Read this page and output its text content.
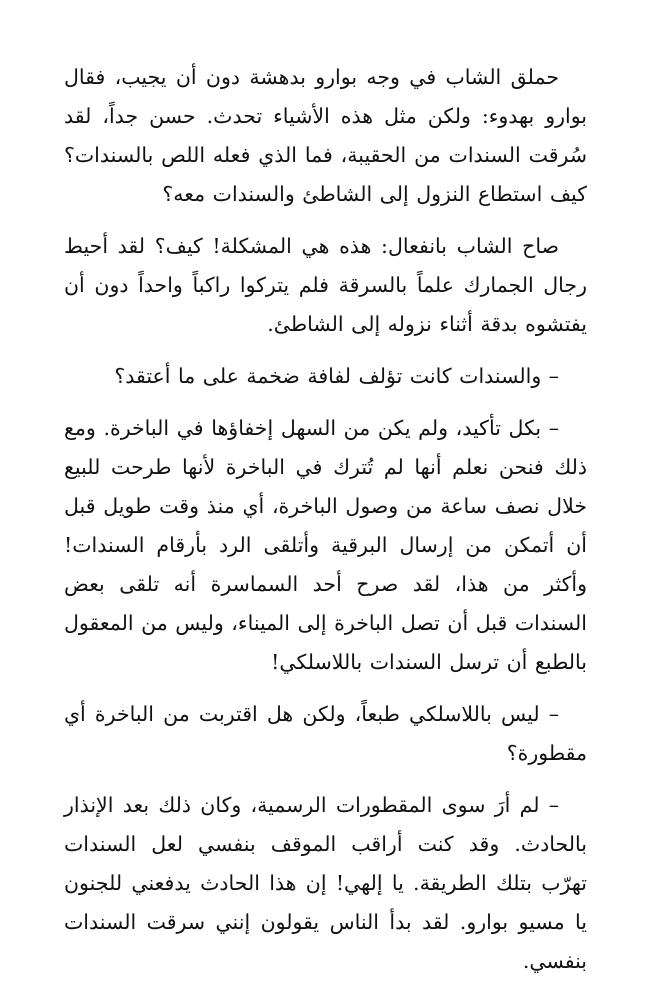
حملق الشاب في وجه بوارو بدهشة دون أن يجيب، فقال بوارو بهدوء: ولكن مثل هذه الأشياء تحدث. حسن جداً، لقد سُرقت السندات من الحقيبة، فما الذي فعله اللص بالسندات؟ كيف استطاع النزول إلى الشاطئ والسندات معه؟

صاح الشاب بانفعال: هذه هي المشكلة! كيف؟ لقد أحيط رجال الجمارك علماً بالسرقة فلم يتركوا راكباً واحداً دون أن يفتشوه بدقة أثناء نزوله إلى الشاطئ.

– والسندات كانت تؤلف لفافة ضخمة على ما أعتقد؟

– بكل تأكيد، ولم يكن من السهل إخفاؤها في الباخرة. ومع ذلك فنحن نعلم أنها لم تُترك في الباخرة لأنها طرحت للبيع خلال نصف ساعة من وصول الباخرة، أي منذ وقت طويل قبل أن أتمكن من إرسال البرقية وأتلقى الرد بأرقام السندات! وأكثر من هذا، لقد صرح أحد السماسرة أنه تلقى بعض السندات قبل أن تصل الباخرة إلى الميناء، وليس من المعقول بالطبع أن ترسل السندات باللاسلكي!

– ليس باللاسلكي طبعاً، ولكن هل اقتربت من الباخرة أي مقطورة؟

– لم أرَ سوى المقطورات الرسمية، وكان ذلك بعد الإنذار بالحادث. وقد كنت أراقب الموقف بنفسي لعل السندات تهرّب بتلك الطريقة. يا إلهي! إن هذا الحادث يدفعني للجنون يا مسيو بوارو. لقد بدأ الناس يقولون إنني سرقت السندات بنفسي.
